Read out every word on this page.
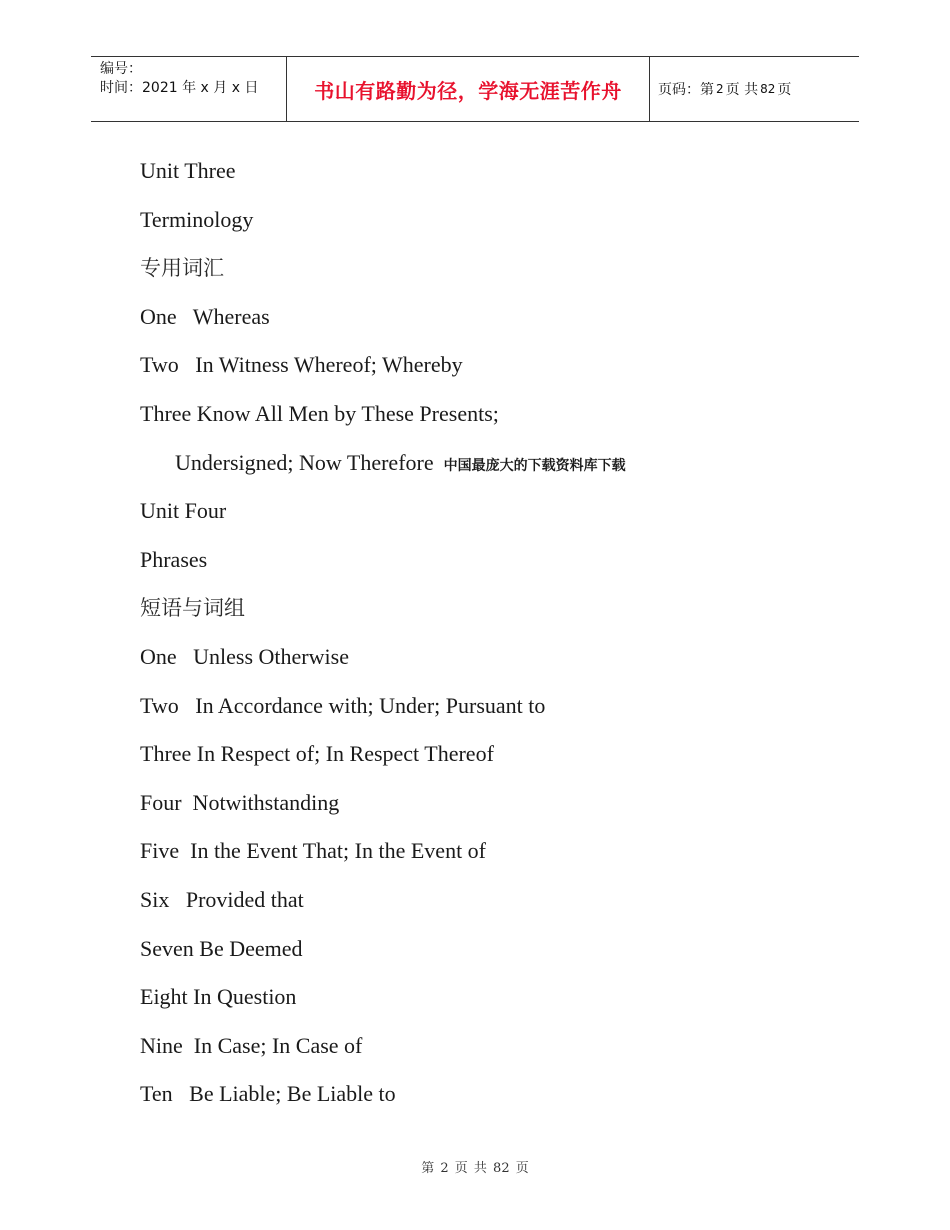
编号：
时间：2021 年 x 月 x 日	书山有路勤为径，学海无涯苦作舟	页码：第 2 页 共 82 页
Unit Three
Terminology
专用词汇
One   Whereas
Two   In Witness Whereof; Whereby
Three Know All Men by These Presents;
Undersigned; Now Therefore 中国最庞大的下载资料库下载
Unit Four
Phrases
短语与词组
One   Unless Otherwise
Two   In Accordance with; Under; Pursuant to
Three In Respect of; In Respect Thereof
Four  Notwithstanding
Five  In the Event That; In the Event of
Six   Provided that
Seven Be Deemed
Eight In Question
Nine  In Case; In Case of
Ten   Be Liable; Be Liable to
第 2 页 共 82 页
